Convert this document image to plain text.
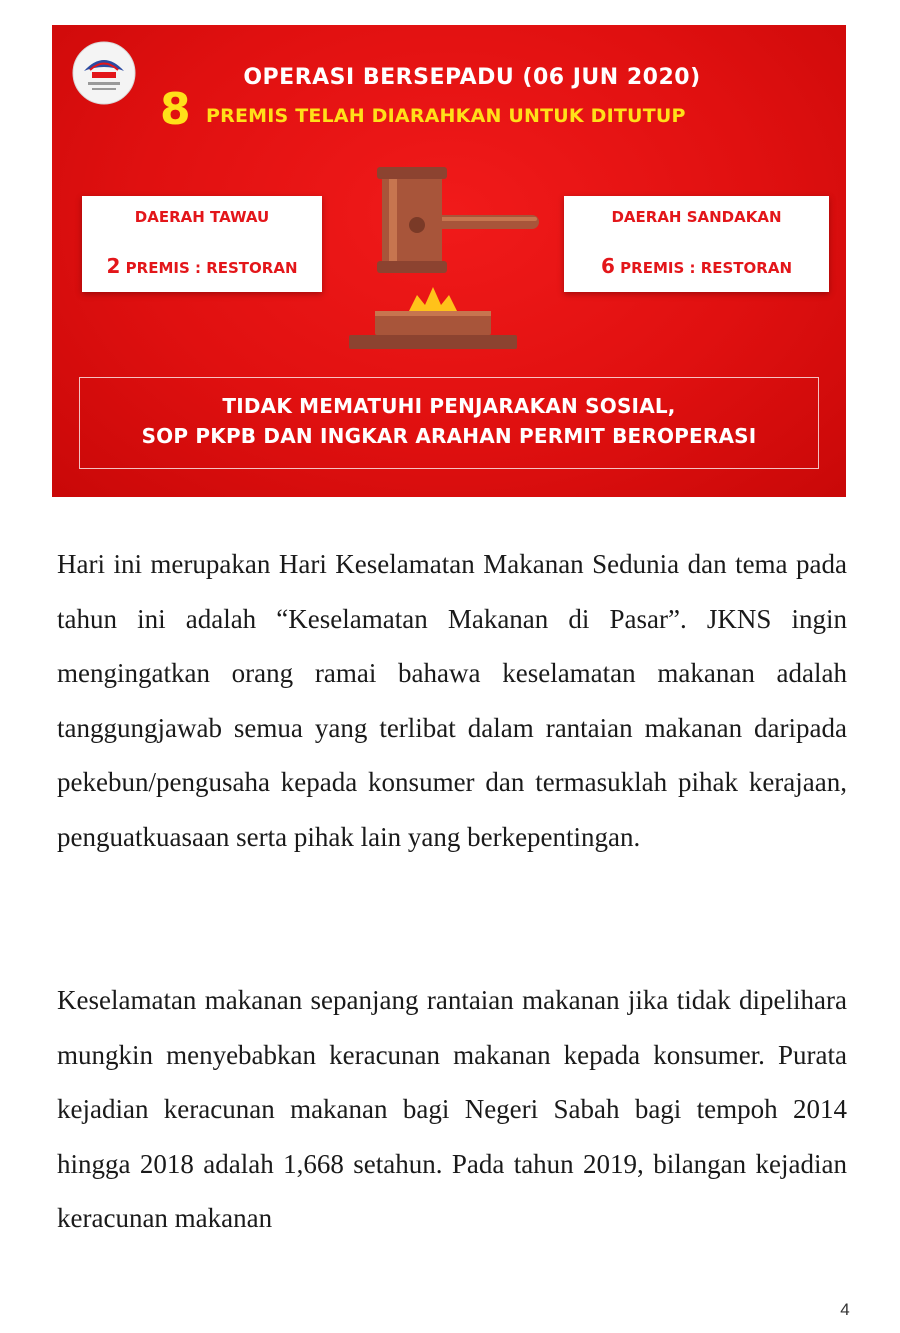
OPERASI BERSEPADU (06 JUN 2020)
8 PREMIS TELAH DIARAHKAN UNTUK DITUTUP
DAERAH TAWAU
2 PREMIS : RESTORAN
DAERAH SANDAKAN
6 PREMIS : RESTORAN
TIDAK MEMATUHI PENJARAKAN SOSIAL,
SOP PKPB DAN INGKAR ARAHAN PERMIT BEROPERASI

Hari ini merupakan Hari Keselamatan Makanan Sedunia dan tema pada tahun ini adalah “Keselamatan Makanan di Pasar”. JKNS ingin mengingatkan orang ramai bahawa keselamatan makanan adalah tanggungjawab semua yang terlibat dalam rantaian makanan daripada pekebun/pengusaha kepada konsumer dan termasuklah pihak kerajaan, penguatkuasaan serta pihak lain yang berkepentingan.

Keselamatan makanan sepanjang rantaian makanan jika tidak dipelihara mungkin menyebabkan keracunan makanan kepada konsumer. Purata kejadian keracunan makanan bagi Negeri Sabah bagi tempoh 2014 hingga 2018 adalah 1,668 setahun. Pada tahun 2019, bilangan kejadian keracunan makanan

4
